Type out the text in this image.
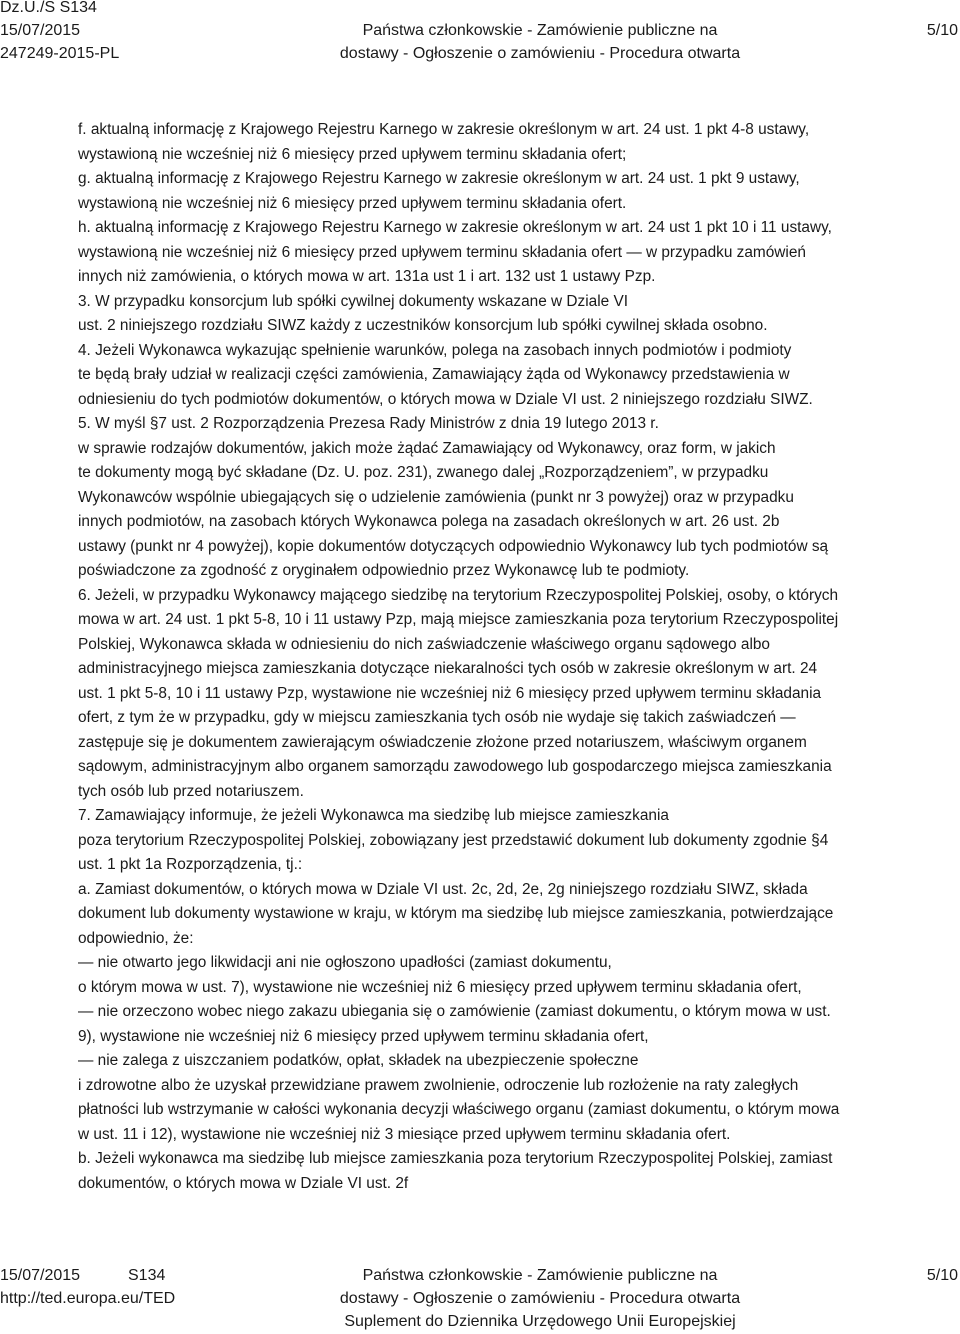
Dz.U./S S134
15/07/2015	Państwa członkowskie - Zamówienie publiczne na	5/10
247249-2015-PL	dostawy - Ogłoszenie o zamówieniu - Procedura otwarta

f. aktualną informację z Krajowego Rejestru Karnego w zakresie określonym w art. 24 ust. 1 pkt 4-8 ustawy,

wystawioną nie wcześniej niż 6 miesięcy przed upływem terminu składania ofert;

g. aktualną informację z Krajowego Rejestru Karnego w zakresie określonym w art. 24 ust. 1 pkt 9 ustawy,

wystawioną nie wcześniej niż 6 miesięcy przed upływem terminu składania ofert.

h. aktualną informację z Krajowego Rejestru Karnego w zakresie określonym w art. 24 ust 1 pkt 10 i 11 ustawy,

wystawioną nie wcześniej niż 6 miesięcy przed upływem terminu składania ofert — w przypadku zamówień

innych niż zamówienia, o których mowa w art. 131a ust 1 i art. 132 ust 1 ustawy Pzp.

3. W przypadku konsorcjum lub spółki cywilnej dokumenty wskazane w Dziale VI

ust. 2 niniejszego rozdziału SIWZ każdy z uczestników konsorcjum lub spółki cywilnej składa osobno.

4. Jeżeli Wykonawca wykazując spełnienie warunków, polega na zasobach innych podmiotów i podmioty

te będą brały udział w realizacji części zamówienia, Zamawiający żąda od Wykonawcy przedstawienia w

odniesieniu do tych podmiotów dokumentów, o których mowa w Dziale VI ust. 2 niniejszego rozdziału SIWZ.

5. W myśl §7 ust. 2 Rozporządzenia Prezesa Rady Ministrów z dnia 19 lutego 2013 r.

w sprawie rodzajów dokumentów, jakich może żądać Zamawiający od Wykonawcy, oraz form, w jakich

te dokumenty mogą być składane (Dz. U. poz. 231), zwanego dalej „Rozporządzeniem”, w przypadku

Wykonawców wspólnie ubiegających się o udzielenie zamówienia (punkt nr 3 powyżej) oraz w przypadku

innych podmiotów, na zasobach których Wykonawca polega na zasadach określonych w art. 26 ust. 2b

ustawy (punkt nr 4 powyżej), kopie dokumentów dotyczących odpowiednio Wykonawcy lub tych podmiotów są

poświadczone za zgodność z oryginałem odpowiednio przez Wykonawcę lub te podmioty.

6. Jeżeli, w przypadku Wykonawcy mającego siedzibę na terytorium Rzeczypospolitej Polskiej, osoby, o których

mowa w art. 24 ust. 1 pkt 5-8, 10 i 11 ustawy Pzp, mają miejsce zamieszkania poza terytorium Rzeczypospolitej

Polskiej, Wykonawca składa w odniesieniu do nich zaświadczenie właściwego organu sądowego albo

administracyjnego miejsca zamieszkania dotyczące niekaralności tych osób w zakresie określonym w art. 24

ust. 1 pkt 5-8, 10 i 11 ustawy Pzp, wystawione nie wcześniej niż 6 miesięcy przed upływem terminu składania

ofert, z tym że w przypadku, gdy w miejscu zamieszkania tych osób nie wydaje się takich zaświadczeń —

zastępuje się je dokumentem zawierającym oświadczenie złożone przed notariuszem, właściwym organem

sądowym, administracyjnym albo organem samorządu zawodowego lub gospodarczego miejsca zamieszkania

tych osób lub przed notariuszem.

7. Zamawiający informuje, że jeżeli Wykonawca ma siedzibę lub miejsce zamieszkania

poza terytorium Rzeczypospolitej Polskiej, zobowiązany jest przedstawić dokument lub dokumenty zgodnie §4

ust. 1 pkt 1a Rozporządzenia, tj.:

a. Zamiast dokumentów, o których mowa w Dziale VI ust. 2c, 2d, 2e, 2g niniejszego rozdziału SIWZ, składa

dokument lub dokumenty wystawione w kraju, w którym ma siedzibę lub miejsce zamieszkania, potwierdzające

odpowiednio, że:

— nie otwarto jego likwidacji ani nie ogłoszono upadłości (zamiast dokumentu,

o którym mowa w ust. 7), wystawione nie wcześniej niż 6 miesięcy przed upływem terminu składania ofert,

— nie orzeczono wobec niego zakazu ubiegania się o zamówienie (zamiast dokumentu, o którym mowa w ust.

9), wystawione nie wcześniej niż 6 miesięcy przed upływem terminu składania ofert,

— nie zalega z uiszczaniem podatków, opłat, składek na ubezpieczenie społeczne

i zdrowotne albo że uzyskał przewidziane prawem zwolnienie, odroczenie lub rozłożenie na raty zaległych

płatności lub wstrzymanie w całości wykonania decyzji właściwego organu (zamiast dokumentu, o którym mowa

w ust. 11 i 12), wystawione nie wcześniej niż 3 miesiące przed upływem terminu składania ofert.

b. Jeżeli wykonawca ma siedzibę lub miejsce zamieszkania poza terytorium Rzeczypospolitej Polskiej, zamiast

dokumentów, o których mowa w Dziale VI ust. 2f

15/07/2015	S134	Państwa członkowskie - Zamówienie publiczne na	5/10
http://ted.europa.eu/TED	dostawy - Ogłoszenie o zamówieniu - Procedura otwarta
Suplement do Dziennika Urzędowego Unii Europejskiej
